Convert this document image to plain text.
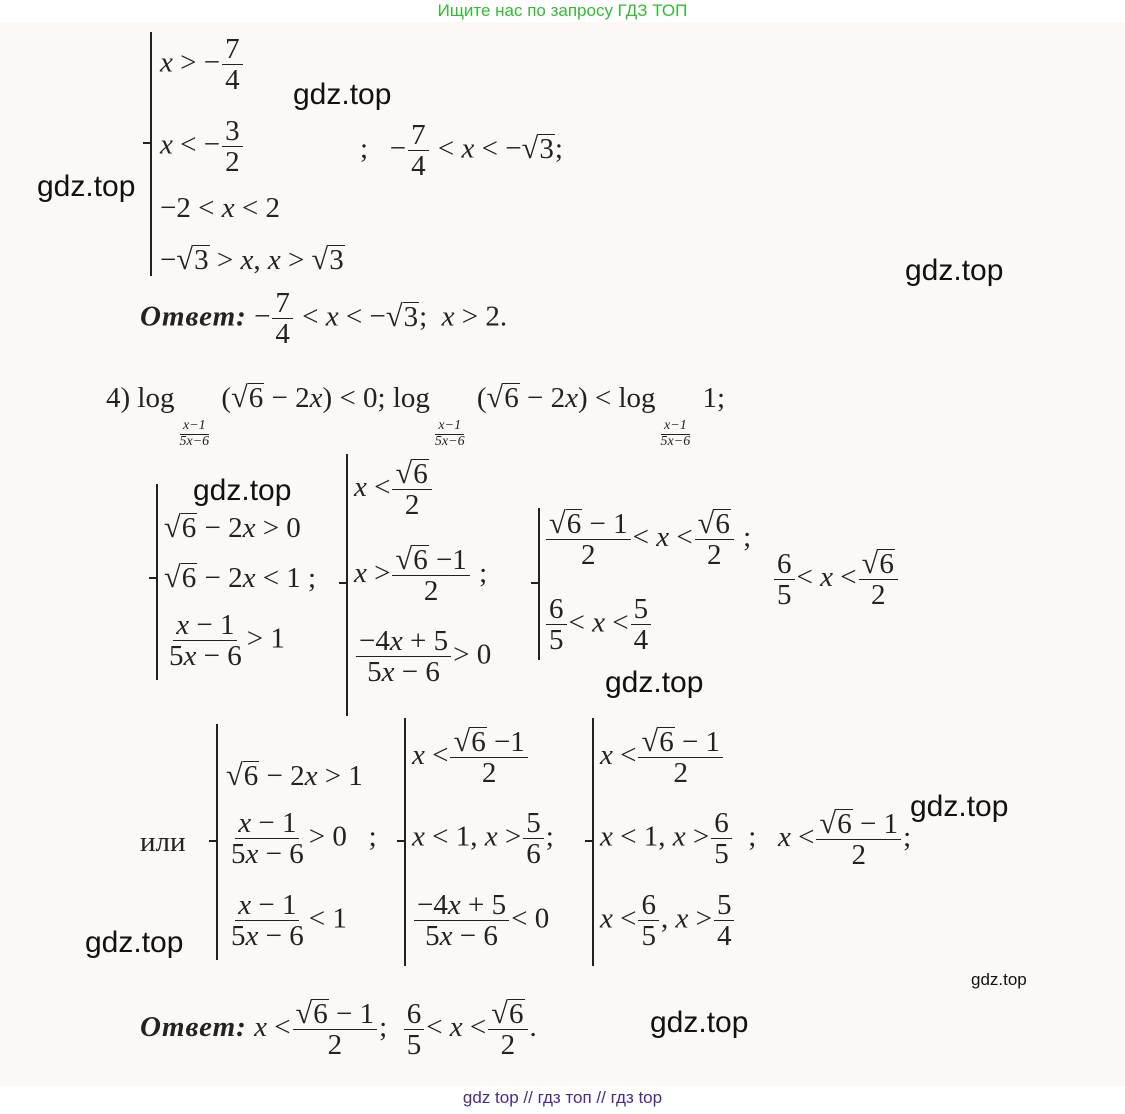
Ищите нас по запросу ГДЗ ТОП
x > − $\frac{7}{4}$
x < − $\frac{3}{2}$
−2 < x < 2
− √ 3 > x, x > √ 3
;   − $\frac{7}{4} < x$ < − √ 3 ;
Ответ: − $\frac{7}{4} < x$ < − √ 3 ;  x > 2.
4) log
$\frac{x-1}{5x-6}$
( √ 6 − 2x) < 0; log
$\frac{x-1}{5x-6}$
( √ 6 − 2x) < log
$\frac{x-1}{5x-6}$
1;
√ 6 − 2x > 0
√ 6 − 2x < 1 ;
$\frac{x - 1}{5x - 6} > 1$
$x < \frac{√ 6}{2}$
$x > \frac{√ 6 -1}{2}$ ;
$\frac{-4x + 5}{5x - 6} > 0$
$\frac{√ 6 - 1}{2} < x < \frac{√ 6}{2}$ ;
$\frac{6}{5} < x < \frac{5}{4}$
$\frac{6}{5} < x < \frac{√ 6}{2}$
или
√ 6 − 2x > 1
$\frac{x - 1}{5x - 6} > 0$   ;
$\frac{x - 1}{5x - 6} < 1$
$x < \frac{√ 6 -1}{2}$
x < 1, $x > \frac{5}{6}$ ;
$\frac{-4x + 5}{5x - 6} < 0$
$x < \frac{√ 6 - 1}{2}$
x < 1, $x > \frac{6}{5}$ ;
$x < \frac{6}{5}$ , $x > \frac{5}{4}$
$x < \frac{√ 6 - 1}{2}$ ;
Ответ: $x < \frac{√ 6 - 1}{2}$ ; $\frac{6}{5} < x < \frac{√ 6}{2}$ .
gdz.top
gdz.top
gdz.top
gdz.top
gdz.top
gdz.top
gdz.top
gdz.top
gdz.top
gdz top // гдз топ // гдз top
